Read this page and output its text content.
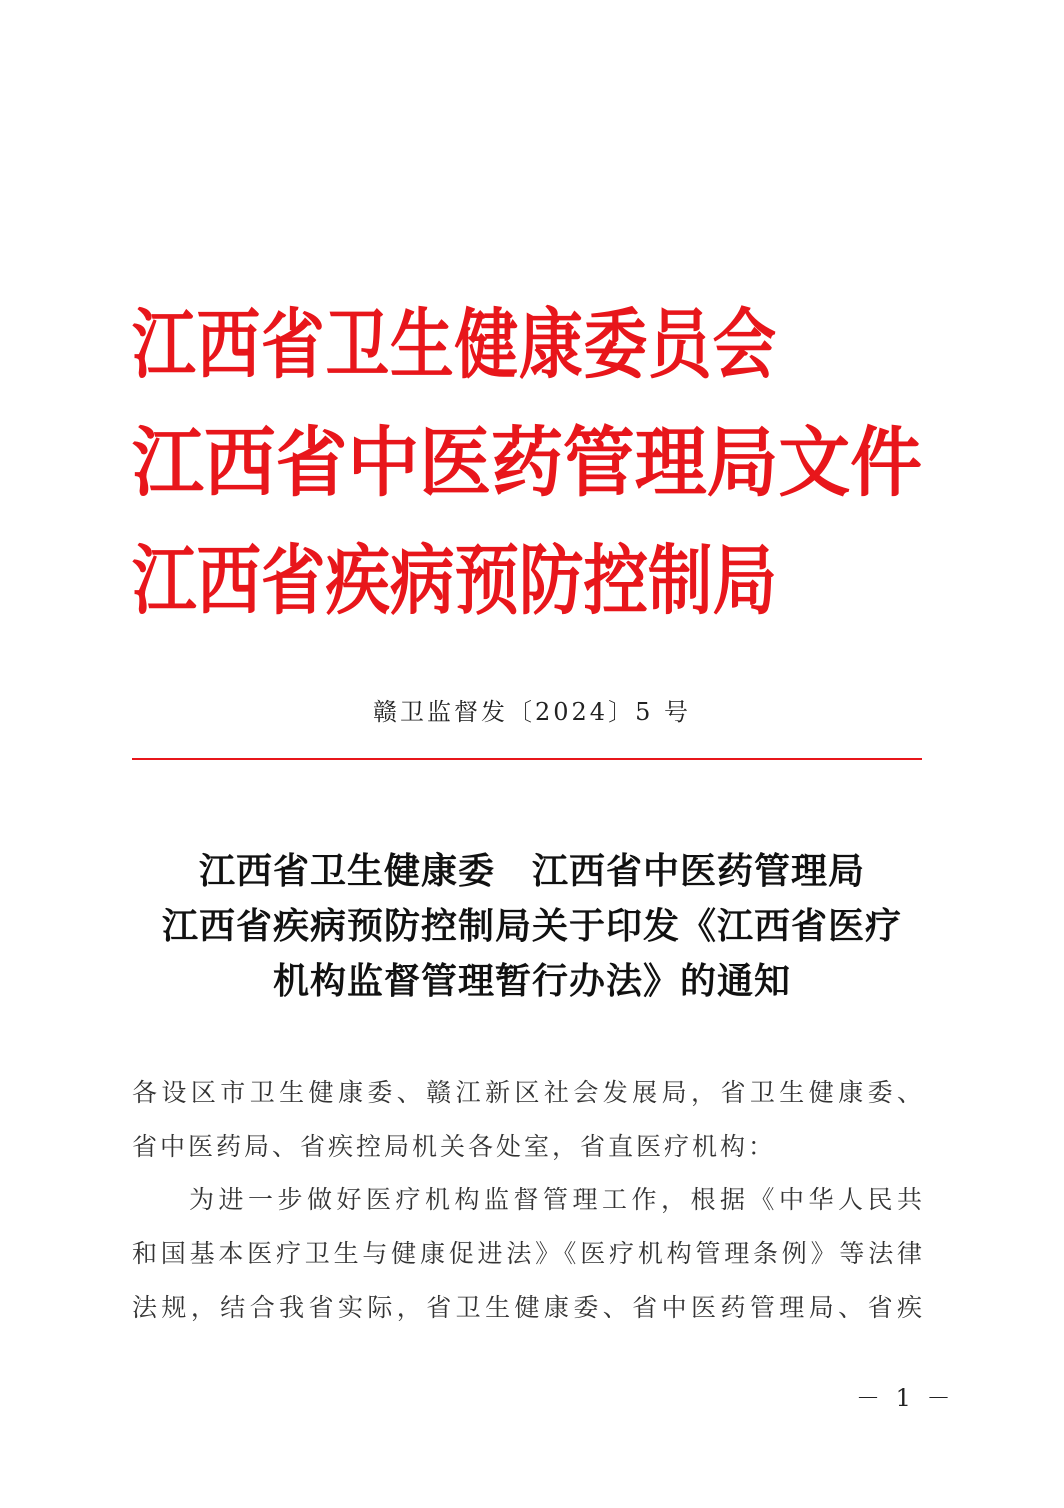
江西省卫生健康委员会
江西省中医药管理局文件
江西省疾病预防控制局
赣卫监督发〔2024〕5 号
江西省卫生健康委　江西省中医药管理局
江西省疾病预防控制局关于印发《江西省医疗
机构监督管理暂行办法》的通知
各设区市卫生健康委、赣江新区社会发展局，省卫生健康委、
省中医药局、省疾控局机关各处室，省直医疗机构：
为进一步做好医疗机构监督管理工作，根据《中华人民共
和国基本医疗卫生与健康促进法》《医疗机构管理条例》等法律
法规，结合我省实际，省卫生健康委、省中医药管理局、省疾
－ 1 －
